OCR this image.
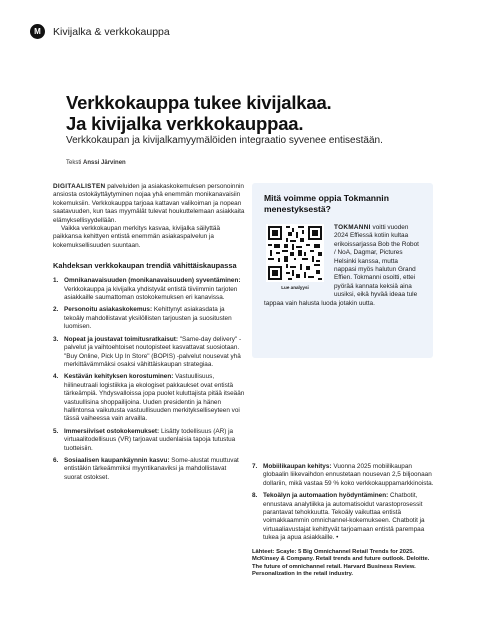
M	Kivijalka & verkkokauppa
Verkkokauppa tukee kivijalkaa.
Ja kivijalka verkkokauppaa.
Verkkokaupan ja kivijalkamyymälöiden integraatio syvenee entisestään.
Teksti Anssi Järvinen

DIGITAALISTEN palveluiden ja asiakaskokemuksen personoinnin ansiosta ostokäyttäytyminen nojaa yhä enemmän monikanavaisiin kokemuksiin. Verkkokauppa tarjoaa kattavan valikoiman ja nopean saatavuuden, kun taas myymälät tulevat houkuttelemaan asiakkaita elämyksellisyydellään.

Vaikka verkkokaupan merkitys kasvaa, kivijalka säilyttää paikkansa kehittyen entistä enemmän asiakaspalvelun ja kokemuksellisuuden suuntaan.

Kahdeksan verkkokaupan trendiä vähittäiskaupassa
1. Omnikanavaisuuden (monikanavaisuuden) syventäminen: Verkkokauppa ja kivijalka yhdistyvät entistä tiiviimmin tarjoten asiakkaille saumattoman ostokokemuksen eri kanavissa.
2. Personoitu asiakaskokemus: Kehittynyt asiakasdata ja tekoäly mahdollistavat yksilöllisten tarjousten ja suositusten luomisen.
3. Nopeat ja joustavat toimitusratkaisut: "Same-day delivery" -palvelut ja vaihtoehtoiset noutopisteet kasvattavat suosiotaan. "Buy Online, Pick Up In Store" (BOPIS) -palvelut nousevat yhä merkittävämmäksi osaksi vähittäiskaupan strategiaa.
4. Kestävän kehityksen korostuminen: Vastuullisuus, hiilineutraali logistiikka ja ekologiset pakkaukset ovat entistä tärkeämpiä. Yhdysvalloissa jopa puolet kuluttajista pitää itseään vastuullisina shoppailijoina. Uuden presidentin ja hänen hallintonsa vaikutusta vastuullisuuden merkitykselliseyteen voi tässä vaiheessa vain arvailla.
5. Immersiiviset ostokokemukset: Lisätty todellisuus (AR) ja virtuaalitodellisuus (VR) tarjoavat uudenlaisia tapoja tutustua tuotteisiin.
6. Sosiaalisen kaupankäynnin kasvu: Some-alustat muuttuvat entistäkin tärkeämmiksi myyntikanaviksi ja mahdollistavat suorat ostokset.
Mitä voimme oppia Tokmannin menestyksestä?
Lue analyysi
TOKMANNI voitti vuoden 2024 Effiessä kotiin kultaa erikoissarjassa Bob the Robot / NoA, Dagmar, Pictures Helsinki kanssa, mutta nappasi myös halutun Grand Effien. Tokmanni osoitti, ettei pyörää kannata keksiä aina uusiksi, eikä hyvää ideaa tule tappaa vain halusta luoda jotakin uutta.
7. Mobiilikaupan kehitys: Vuonna 2025 mobiilikaupan globaalin liikevaihdon ennustetaan nousevan 2,5 biljoonaan dollariin, mikä vastaa 59 % koko verkkokauppamarkkinoista.
8. Tekoälyn ja automaation hyödyntäminen: Chatbotit, ennustava analytiikka ja automatisoidut varastoprosessit parantavat tehokkuutta. Tekoäly vaikuttaa entistä voimakkaammin omnichannel-kokemukseen. Chatbotit ja virtuaaliavustajat kehittyvät tarjoamaan entistä parempaa tukea ja apua asiakkaille. •
Lähteet: Scayle: 5 Big Omnichannel Retail Trends for 2025. McKinsey & Company. Retail trends and future outlook. Deloitte. The future of omnichannel retail. Harvard Business Review. Personalization in the retail industry.
